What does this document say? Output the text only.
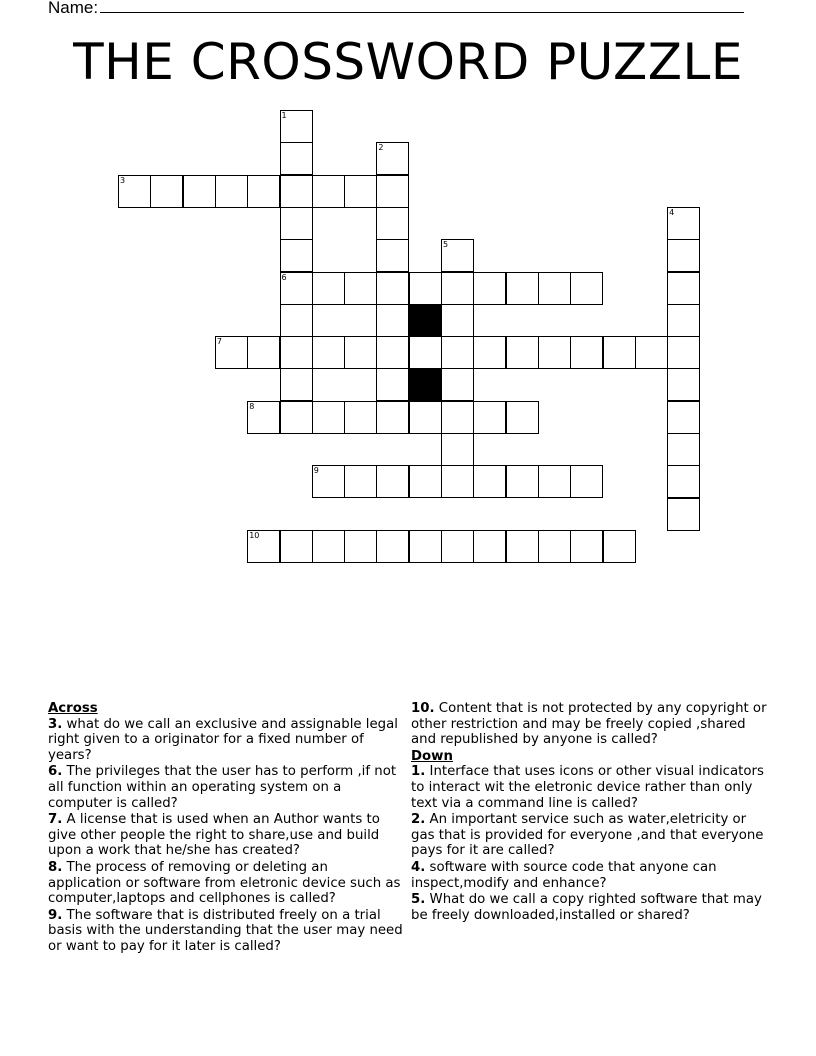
Name:
THE CROSSWORD PUZZLE
1
6
2
3
4
5
7
8
9
10
Across
3. what do we call an exclusive and assignable legal right given to a originator for a fixed number of years?
6. The privileges that the user has to perform ,if not all function within an operating system on a computer is called?
7. A license that is used when an Author wants to give other people the right to share,use and build upon a work that he/she has created?
8. The process of removing or deleting an application or software from eletronic device such as computer,laptops and cellphones is called?
9. The software that is distributed freely on a trial basis with the understanding that the user may need or want to pay for it later is called?
10. Content that is not protected by any copyright or other restriction and may be freely copied ,shared and republished by anyone is called?
Down
1. Interface that uses icons or other visual indicators to interact wit the eletronic device rather than only text via a command line is called?
2. An important service such as water,eletricity or gas that is provided for everyone ,and that everyone pays for it are called?
4. software with source code that anyone can inspect,modify and enhance?
5. What do we call a copy righted software that may be freely downloaded,installed or shared?
